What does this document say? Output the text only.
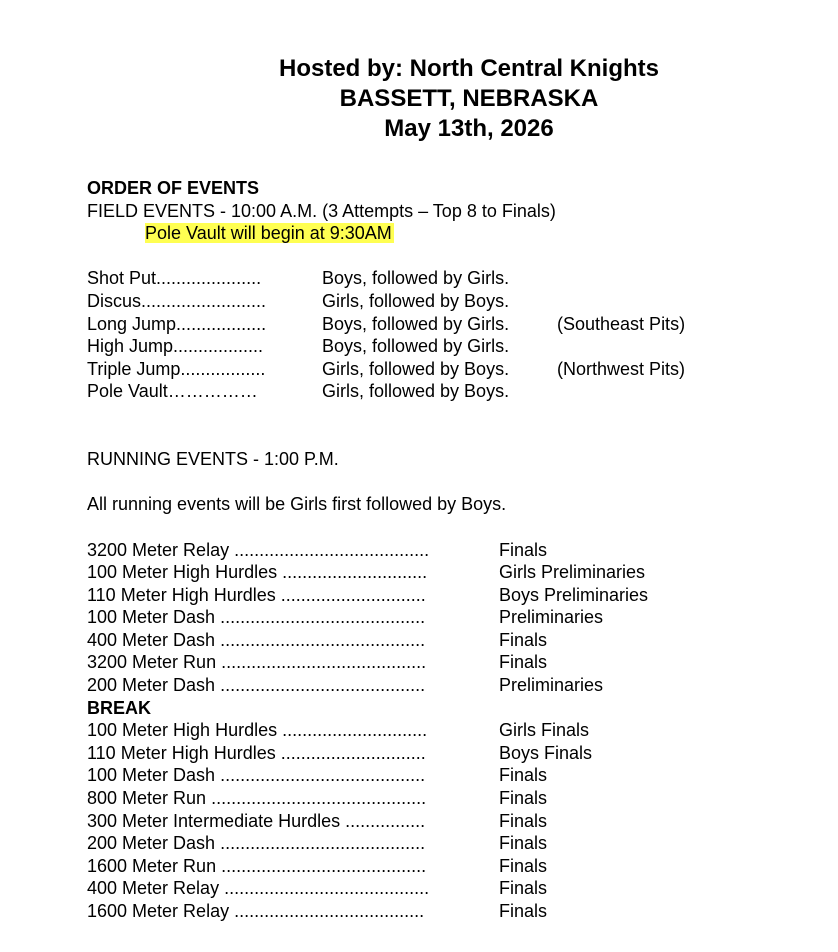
Hosted by: North Central Knights
BASSETT, NEBRASKA
May 13th, 2026
ORDER OF EVENTS
FIELD EVENTS - 10:00 A.M. (3 Attempts – Top 8 to Finals)
Pole Vault will begin at 9:30AM
Shot Put.....................	Boys, followed by Girls.
Discus.........................	Girls, followed by Boys.
Long Jump..................	Boys, followed by Girls.	(Southeast Pits)
High Jump..................	Boys, followed by Girls.
Triple Jump.................	Girls, followed by Boys.	(Northwest Pits)
Pole Vault……………	Girls, followed by Boys.
RUNNING EVENTS - 1:00 P.M.
All running events will be Girls first followed by Boys.
3200 Meter Relay .......................................	Finals
100 Meter High Hurdles .............................	Girls Preliminaries
110 Meter High Hurdles .............................	Boys Preliminaries
100 Meter Dash .........................................	Preliminaries
400 Meter Dash .........................................	Finals
3200 Meter Run .........................................	Finals
200 Meter Dash .........................................	Preliminaries
BREAK
100 Meter High Hurdles .............................	Girls Finals
110 Meter High Hurdles .............................	Boys Finals
100 Meter Dash .........................................	Finals
800 Meter Run ...........................................	Finals
300 Meter Intermediate Hurdles ................	Finals
200 Meter Dash .........................................	Finals
1600 Meter Run .........................................	Finals
400 Meter Relay .........................................	Finals
1600 Meter Relay ......................................	Finals
